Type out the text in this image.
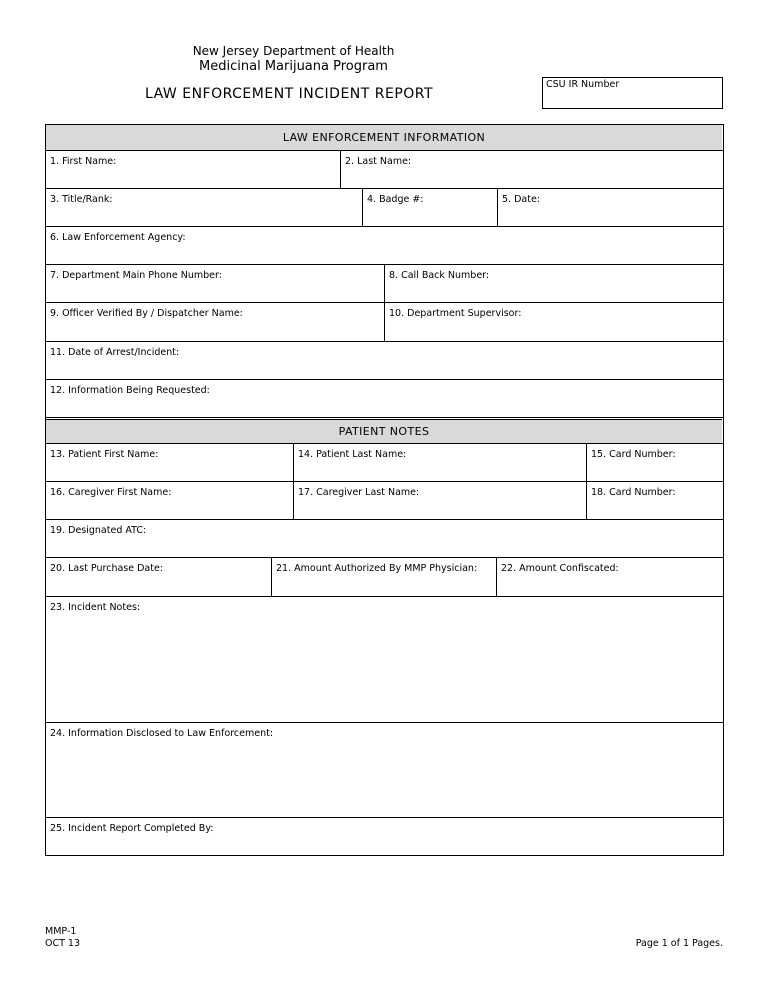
New Jersey Department of Health
Medicinal Marijuana Program
LAW ENFORCEMENT INCIDENT REPORT
CSU IR Number
LAW ENFORCEMENT INFORMATION
1. First Name:	2. Last Name:
3. Title/Rank:	4. Badge #:	5. Date:
6. Law Enforcement Agency:
7. Department Main Phone Number:	8. Call Back Number:
9. Officer Verified By / Dispatcher Name:	10. Department Supervisor:
11. Date of Arrest/Incident:
12. Information Being Requested:
PATIENT NOTES
13. Patient First Name:	14. Patient Last Name:	15. Card Number:
16. Caregiver First Name:	17. Caregiver Last Name:	18. Card Number:
19. Designated ATC:
20. Last Purchase Date:	21. Amount Authorized By MMP Physician:	22. Amount Confiscated:
23. Incident Notes:
24. Information Disclosed to Law Enforcement:
25. Incident Report Completed By:
MMP-1
OCT 13	Page 1 of 1 Pages.
